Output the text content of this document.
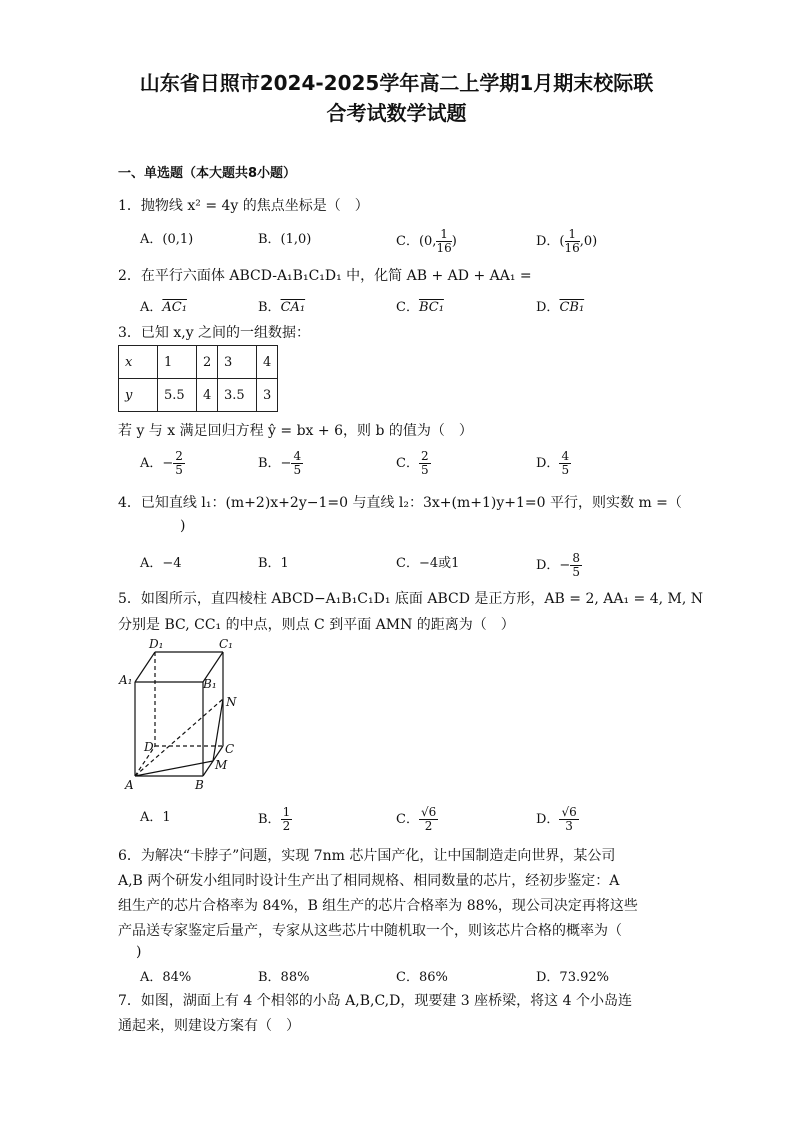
山东省日照市2024-2025学年高二上学期1月期末校际联
合考试数学试题
一、单选题（本大题共8小题）
1．抛物线 x² = 4y 的焦点坐标是（　）
A．(0,1)	B．(1,0)	C．(0, $\frac{1}{16}$ )	D．( $\frac{1}{16} ,0$)
2．在平行六面体 ABCD-A₁B₁C₁D₁ 中，化简 AB + AD + AA₁ =
A．AC₁	B．CA₁	C．BC₁	D．CB₁
3．已知 x,y 之间的一组数据：
x	1	2	3	4
y	5.5	4	3.5	3
若 y 与 x 满足回归方程 ŷ = bx + 6，则 b 的值为（　）
A．− $\frac{2}{5}$	B．− $\frac{4}{5}$	C． $\frac{2}{5}$	D． $\frac{4}{5}$
4．已知直线 l₁：(m+2)x+2y−1=0 与直线 l₂：3x+(m+1)y+1=0 平行，则实数 m =（
)
A．−4	B．1	C．−4或1	D．− $\frac{8}{5}$
5．如图所示，直四棱柱 ABCD−A₁B₁C₁D₁ 底面 ABCD 是正方形，AB = 2, AA₁ = 4, M, N
分别是 BC, CC₁ 的中点，则点 C 到平面 AMN 的距离为（　）
D₁	C₁
A₁	B₁
N
D	C
M
A	B
A．1	B． $\frac{1}{2}$	C． $\frac{√6}{2}$	D． $\frac{√6}{3}$
6．为解决“卡脖子”问题，实现 7nm 芯片国产化，让中国制造走向世界，某公司
A,B 两个研发小组同时设计生产出了相同规格、相同数量的芯片，经初步鉴定：A
组生产的芯片合格率为 84%，B 组生产的芯片合格率为 88%，现公司决定再将这些
产品送专家鉴定后量产，专家从这些芯片中随机取一个，则该芯片合格的概率为（
)
A．84%	B．88%	C．86%	D．73.92%
7．如图，湖面上有 4 个相邻的小岛 A,B,C,D，现要建 3 座桥梁，将这 4 个小岛连
通起来，则建设方案有（　）
